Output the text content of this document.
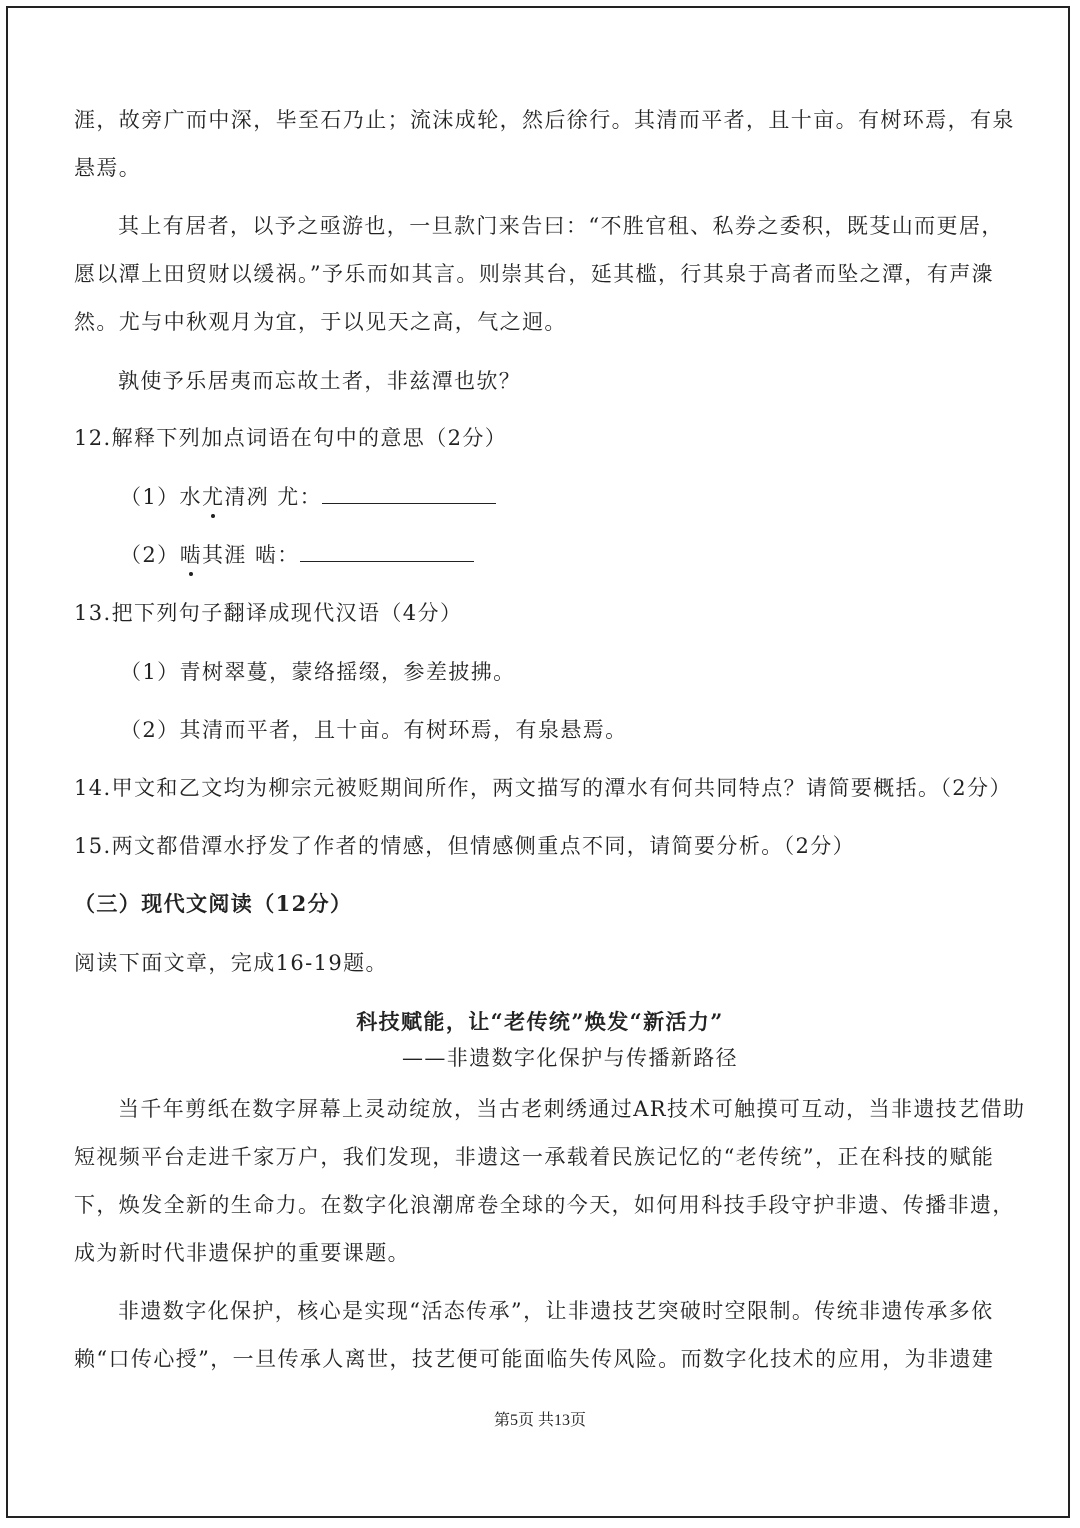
涯，故旁广而中深，毕至石乃止；流沫成轮，然后徐行。其清而平者，且十亩。有树环焉，有泉
悬焉。
其上有居者，以予之亟游也，一旦款门来告曰：“不胜官租、私券之委积，既芟山而更居，
愿以潭上田贸财以缓祸。”予乐而如其言。则崇其台，延其槛，行其泉于高者而坠之潭，有声潨
然。尤与中秋观月为宜，于以见天之高，气之迥。
孰使予乐居夷而忘故土者，非兹潭也欤？
12.解释下列加点词语在句中的意思（2分）
（1）水尤清冽 尤：
（2）啮其涯 啮：
13.把下列句子翻译成现代汉语（4分）
（1）青树翠蔓，蒙络摇缀，参差披拂。
（2）其清而平者，且十亩。有树环焉，有泉悬焉。
14.甲文和乙文均为柳宗元被贬期间所作，两文描写的潭水有何共同特点？请简要概括。（2分）
15.两文都借潭水抒发了作者的情感，但情感侧重点不同，请简要分析。（2分）
（三）现代文阅读（12分）
阅读下面文章，完成16-19题。
科技赋能，让“老传统”焕发“新活力”
——非遗数字化保护与传播新路径
当千年剪纸在数字屏幕上灵动绽放，当古老刺绣通过AR技术可触摸可互动，当非遗技艺借助
短视频平台走进千家万户，我们发现，非遗这一承载着民族记忆的“老传统”，正在科技的赋能
下，焕发全新的生命力。在数字化浪潮席卷全球的今天，如何用科技手段守护非遗、传播非遗，
成为新时代非遗保护的重要课题。
非遗数字化保护，核心是实现“活态传承”，让非遗技艺突破时空限制。传统非遗传承多依
赖“口传心授”，一旦传承人离世，技艺便可能面临失传风险。而数字化技术的应用，为非遗建
第5页 共13页
